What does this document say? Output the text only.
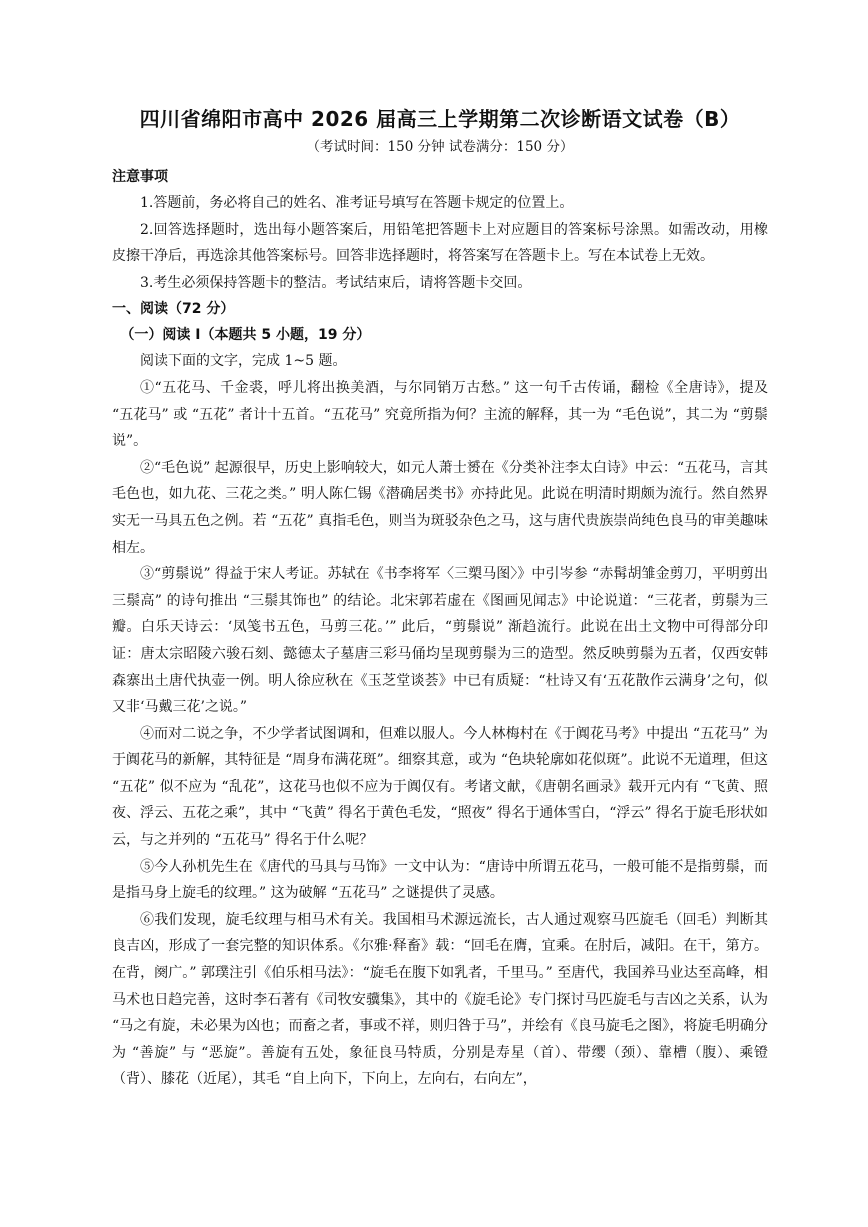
四川省绵阳市高中 2026 届高三上学期第二次诊断语文试卷（B）
（考试时间：150 分钟 试卷满分：150 分）
注意事项

1.答题前，务必将自己的姓名、准考证号填写在答题卡规定的位置上。

2.回答选择题时，选出每小题答案后，用铅笔把答题卡上对应题目的答案标号涂黑。如需改动，用橡皮擦干净后，再选涂其他答案标号。回答非选择题时，将答案写在答题卡上。写在本试卷上无效。

3.考生必须保持答题卡的整洁。考试结束后，请将答题卡交回。

一、阅读（72 分）
（一）阅读 I（本题共 5 小题，19 分）

阅读下面的文字，完成 1~5 题。

①“五花马、千金裘，呼儿将出换美酒，与尔同销万古愁。” 这一句千古传诵，翻检《全唐诗》，提及 “五花马” 或 “五花” 者计十五首。“五花马” 究竟所指为何？主流的解释，其一为 “毛色说”，其二为 “剪鬃说”。

②“毛色说” 起源很早，历史上影响较大，如元人萧士赟在《分类补注李太白诗》中云：“五花马，言其毛色也，如九花、三花之类。” 明人陈仁锡《潜确居类书》亦持此见。此说在明清时期颇为流行。然自然界实无一马具五色之例。若 “五花” 真指毛色，则当为斑驳杂色之马，这与唐代贵族崇尚纯色良马的审美趣味相左。

③“剪鬃说” 得益于宋人考证。苏轼在《书李将军〈三槊马图〉》中引岑参 “赤髯胡雏金剪刀，平明剪出三鬃高” 的诗句推出 “三鬃其饰也” 的结论。北宋郭若虚在《图画见闻志》中论说道：“三花者，剪鬃为三瓣。白乐天诗云：‘凤笺书五色，马剪三花。’” 此后，“剪鬃说” 渐趋流行。此说在出土文物中可得部分印证：唐太宗昭陵六骏石刻、懿德太子墓唐三彩马俑均呈现剪鬃为三的造型。然反映剪鬃为五者，仅西安韩森寨出土唐代执壶一例。明人徐应秋在《玉芝堂谈荟》中已有质疑：“杜诗又有‘五花散作云满身’之句，似又非‘马戴三花’之说。”

④而对二说之争，不少学者试图调和，但难以服人。今人林梅村在《于阗花马考》中提出 “五花马” 为于阗花马的新解，其特征是 “周身布满花斑”。细察其意，或为 “色块轮廓如花似斑”。此说不无道理，但这 “五花” 似不应为 “乱花”，这花马也似不应为于阗仅有。考诸文献，《唐朝名画录》载开元内有 “飞黄、照夜、浮云、五花之乘”，其中 “飞黄” 得名于黄色毛发，“照夜” 得名于通体雪白，“浮云” 得名于旋毛形状如云，与之并列的 “五花马” 得名于什么呢？

⑤今人孙机先生在《唐代的马具与马饰》一文中认为：“唐诗中所谓五花马，一般可能不是指剪鬃，而是指马身上旋毛的纹理。” 这为破解 “五花马” 之谜提供了灵感。

⑥我们发现，旋毛纹理与相马术有关。我国相马术源远流长，古人通过观察马匹旋毛（回毛）判断其良吉凶，形成了一套完整的知识体系。《尔雅·释畜》载：“回毛在膺，宜乘。在肘后，减阳。在干，第方。在背，阕广。” 郭璞注引《伯乐相马法》：“旋毛在腹下如乳者，千里马。” 至唐代，我国养马业达至高峰，相马术也日趋完善，这时李石著有《司牧安骥集》，其中的《旋毛论》专门探讨马匹旋毛与吉凶之关系，认为 “马之有旋，未必果为凶也；而畜之者，事或不祥，则归咎于马”，并绘有《良马旋毛之图》，将旋毛明确分为 “善旋” 与 “恶旋”。善旋有五处，象征良马特质，分别是寿星（首）、带缨（颈）、靠槽（腹）、乘镫（背）、膝花（近尾），其毛 “自上向下，下向上，左向右，右向左”，
